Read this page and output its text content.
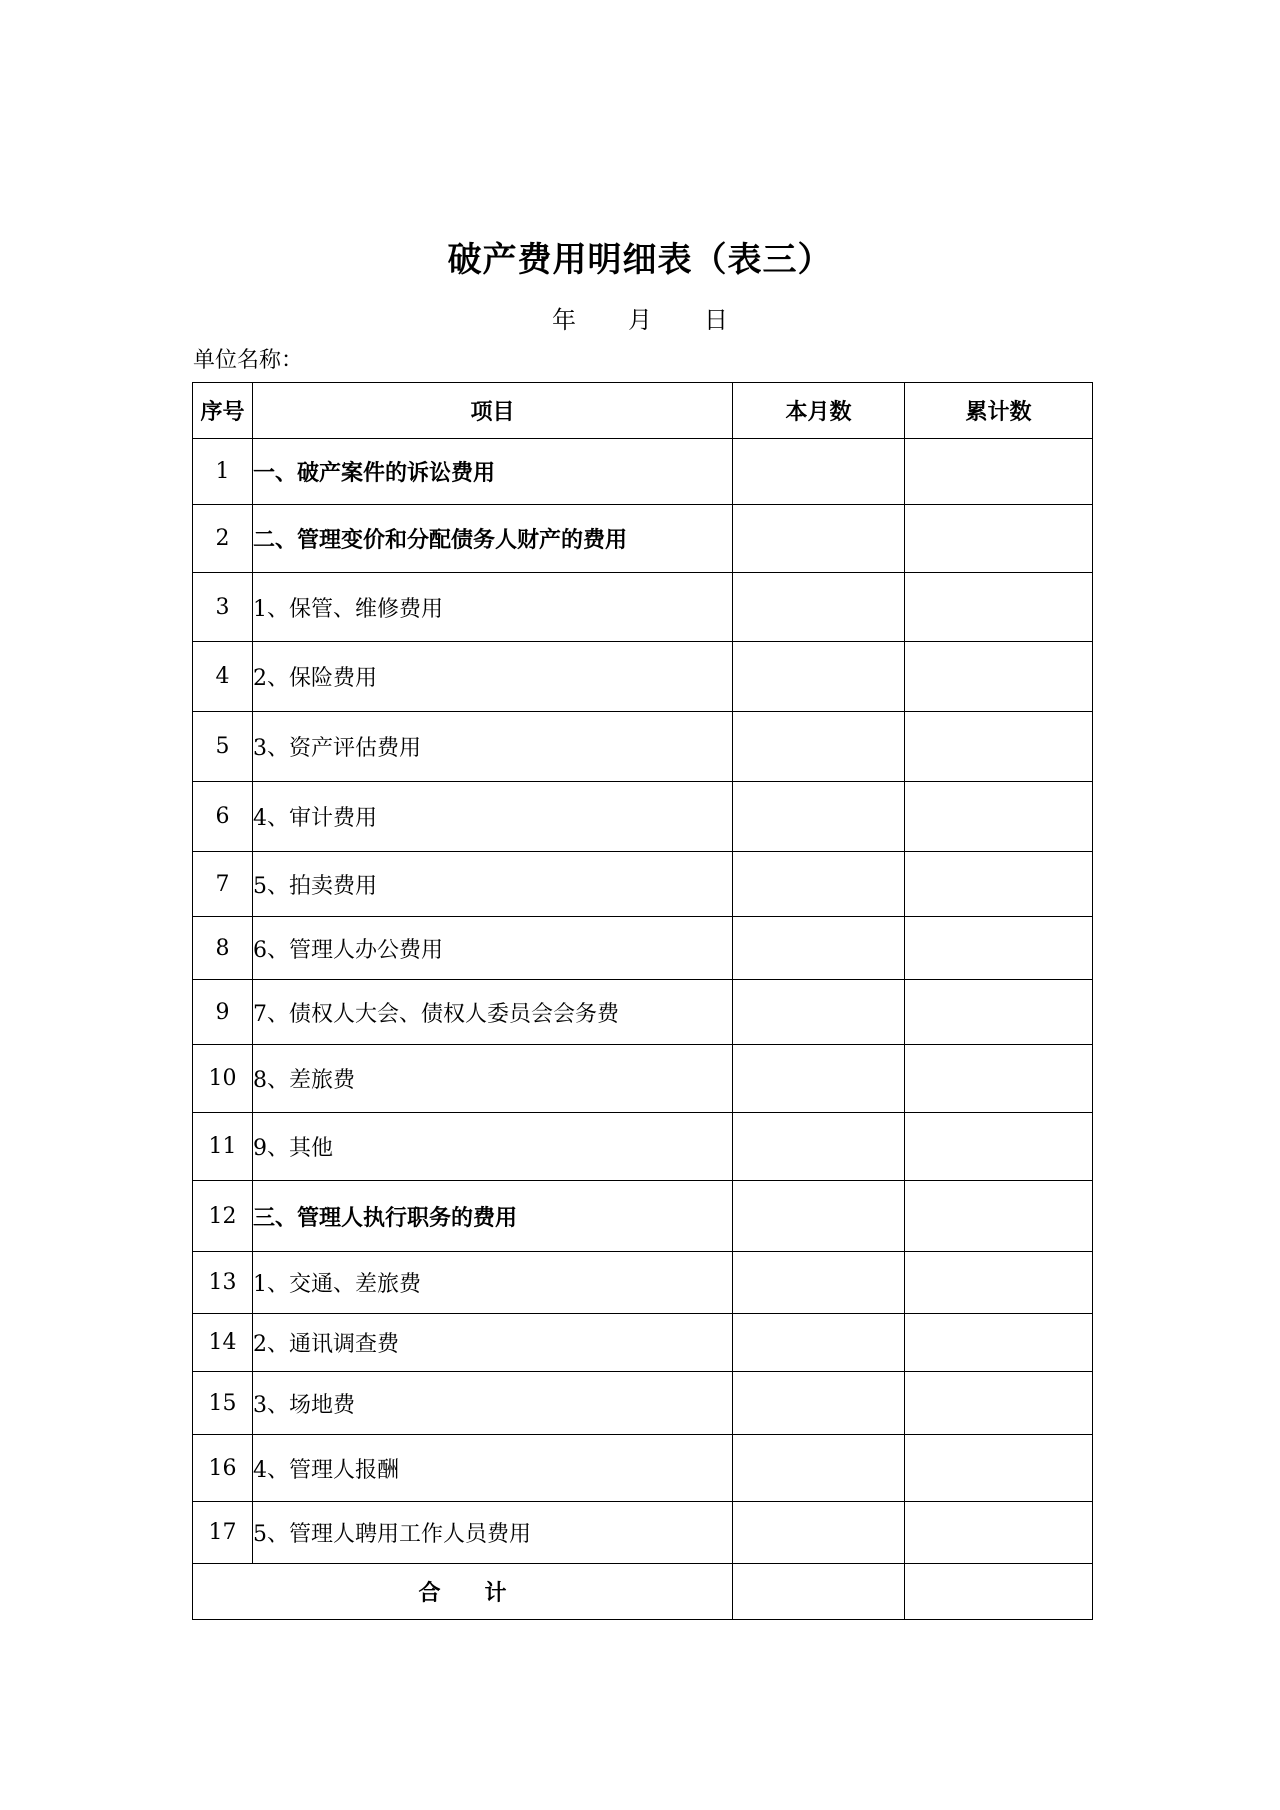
破产费用明细表（表三）
年 月 日
单位名称：
序号	项目	本月数	累计数
1	一、破产案件的诉讼费用		
2	二、管理变价和分配债务人财产的费用		
3	1、保管、维修费用		
4	2、保险费用		
5	3、资产评估费用		
6	4、审计费用		
7	5、拍卖费用		
8	6、管理人办公费用		
9	7、债权人大会、债权人委员会会务费		
10	8、差旅费		
11	9、其他		
12	三、管理人执行职务的费用		
13	1、交通、差旅费		
14	2、通讯调查费		
15	3、场地费		
16	4、管理人报酬		
17	5、管理人聘用工作人员费用		
合 计			
